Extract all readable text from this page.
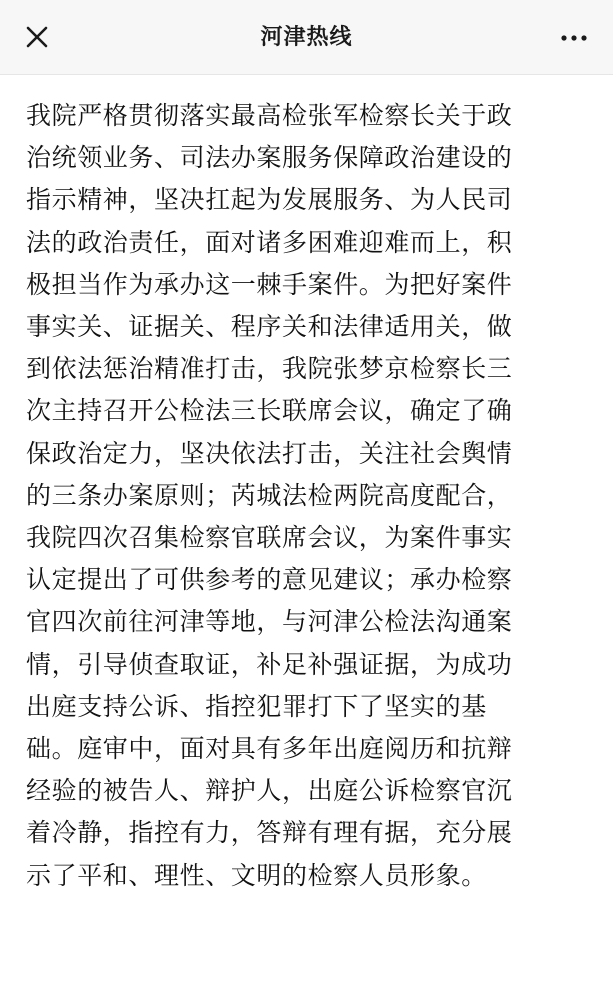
河津热线
我院严格贯彻落实最高检张军检察长关于政
治统领业务、司法办案服务保障政治建设的
指示精神，坚决扛起为发展服务、为人民司
法的政治责任，面对诸多困难迎难而上，积
极担当作为承办这一棘手案件。为把好案件
事实关、证据关、程序关和法律适用关，做
到依法惩治精准打击，我院张梦京检察长三
次主持召开公检法三长联席会议，确定了确
保政治定力，坚决依法打击，关注社会舆情
的三条办案原则；芮城法检两院高度配合，
我院四次召集检察官联席会议，为案件事实
认定提出了可供参考的意见建议；承办检察
官四次前往河津等地，与河津公检法沟通案
情，引导侦查取证，补足补强证据，为成功
出庭支持公诉、指控犯罪打下了坚实的基
础。庭审中，面对具有多年出庭阅历和抗辩
经验的被告人、辩护人，出庭公诉检察官沉
着冷静，指控有力，答辩有理有据，充分展
示了平和、理性、文明的检察人员形象。
